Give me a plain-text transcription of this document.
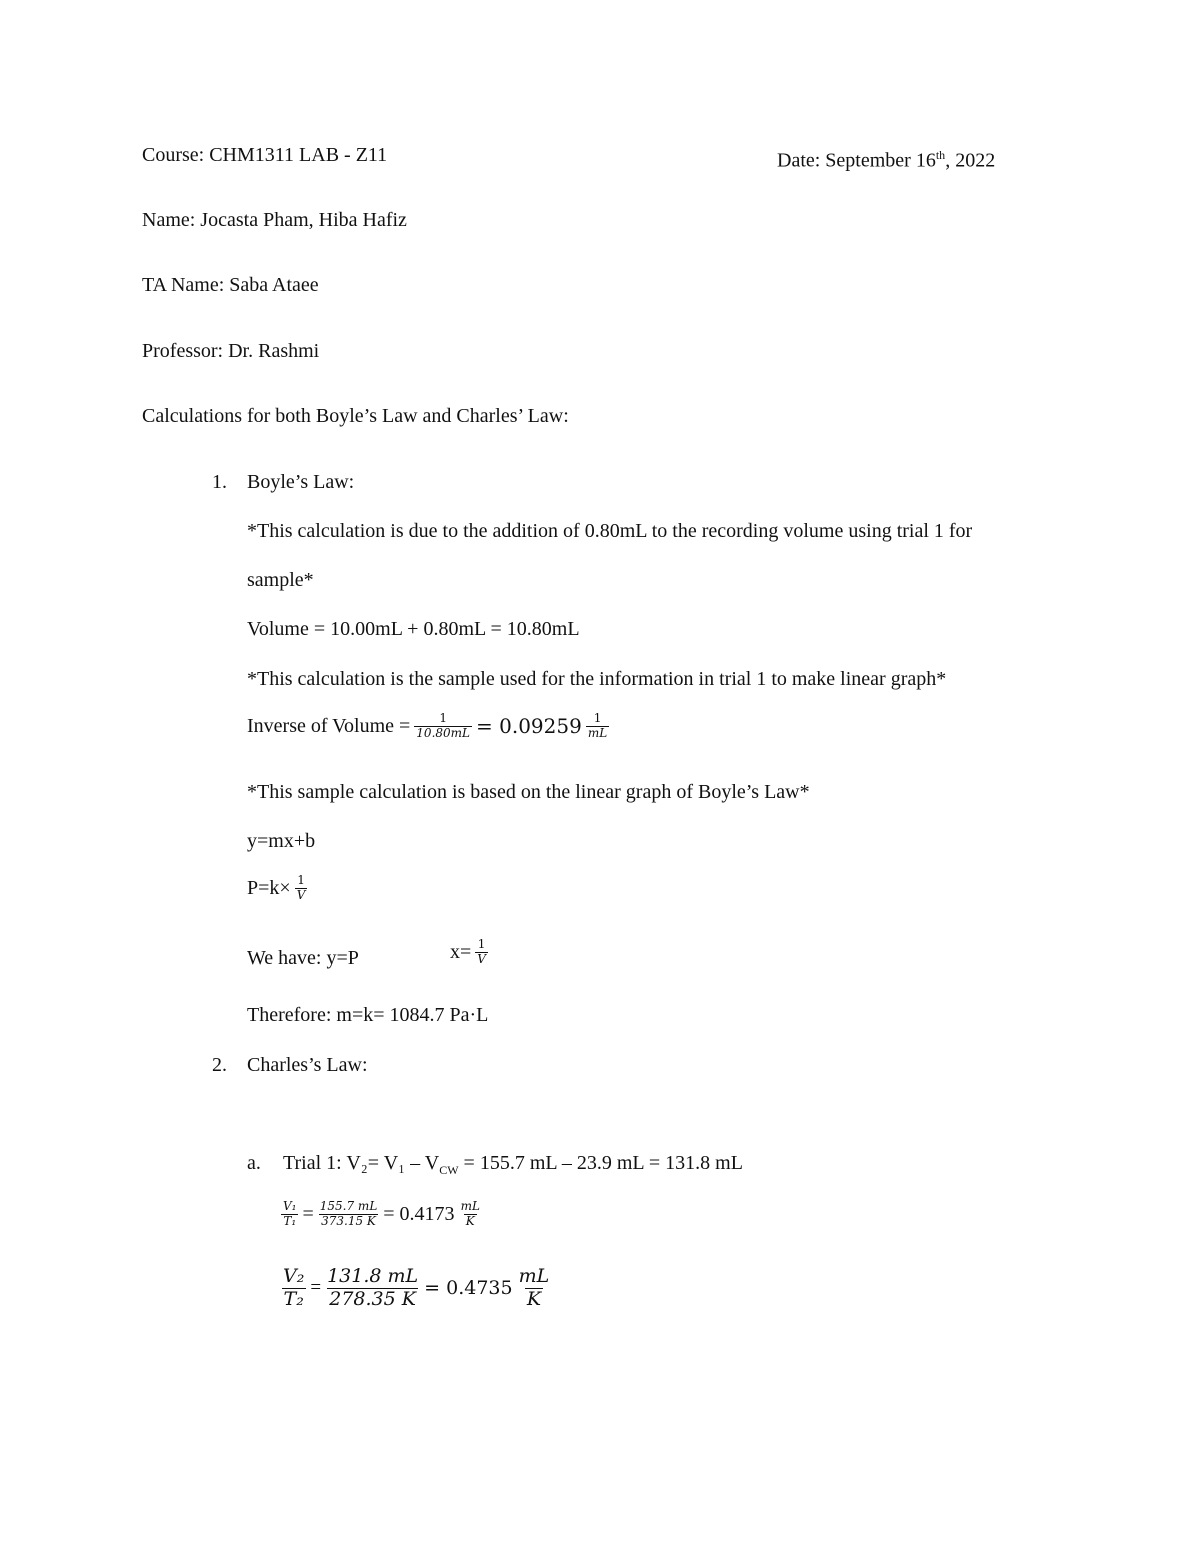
Course: CHM1311 LAB - Z11	Date: September 16th, 2022
Name: Jocasta Pham, Hiba Hafiz
TA Name: Saba Ataee
Professor: Dr. Rashmi
Calculations for both Boyle’s Law and Charles’ Law:
1. Boyle’s Law:
*This calculation is due to the addition of 0.80mL to the recording volume using trial 1 for
sample*
Volume = 10.00mL + 0.80mL = 10.80mL
*This calculation is the sample used for the information in trial 1 to make linear graph*
Inverse of Volume = $\frac{1}{10.80mL} = 0.09259 \frac{1}{mL}$
*This sample calculation is based on the linear graph of Boyle’s Law*
y=mx+b
$P=k\times \frac{1}{V}$
We have: y=P	$x= \frac{1}{V}$
Therefore: m=k= 1084.7 Pa·L
2. Charles’s Law:
a. Trial 1: $V_2= V_1 - V_{CW} = 155.7$ mL – 23.9 mL = 131.8 mL
$\frac{\text{V₁}}{\text{T₁}} = \frac{155.7 mL}{373.15 K} = 0.4173 \frac{mL}{K}$
$\frac{\text{V₂}}{\text{T₂}} = \frac{131.8 mL}{278.35 K} = 0.4735 \frac{mL}{K}$
